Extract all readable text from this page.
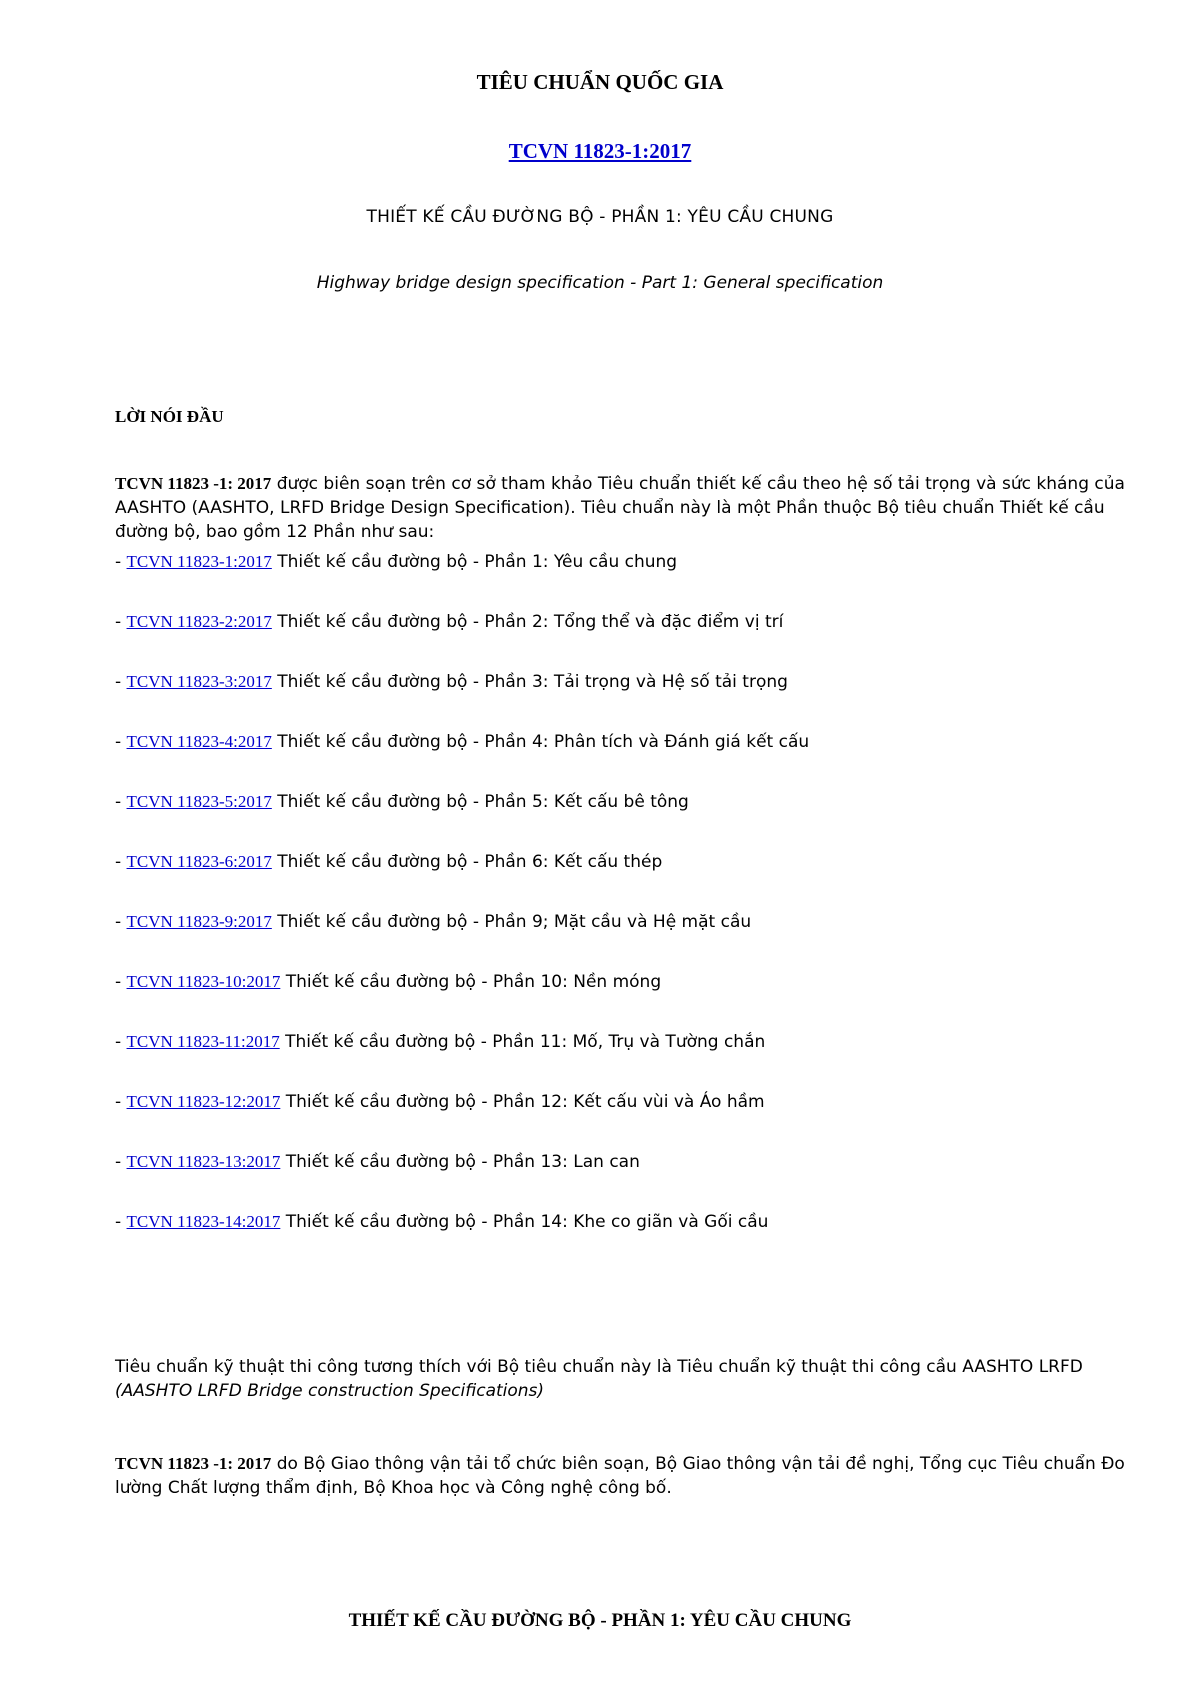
TIÊU CHUẨN QUỐC GIA
TCVN 11823-1:2017
THIẾT KẾ CẦU ĐƯỜNG BỘ - PHẦN 1: YÊU CẦU CHUNG
Highway bridge design specification - Part 1: General specification
LỜI NÓI ĐẦU
TCVN 11823 -1: 2017 được biên soạn trên cơ sở tham khảo Tiêu chuẩn thiết kế cầu theo hệ số tải trọng và sức kháng của AASHTO (AASHTO, LRFD Bridge Design Specification). Tiêu chuẩn này là một Phần thuộc Bộ tiêu chuẩn Thiết kế cầu đường bộ, bao gồm 12 Phần như sau:
- TCVN 11823-1:2017 Thiết kế cầu đường bộ - Phần 1: Yêu cầu chung
- TCVN 11823-2:2017 Thiết kế cầu đường bộ - Phần 2: Tổng thể và đặc điểm vị trí
- TCVN 11823-3:2017 Thiết kế cầu đường bộ - Phần 3: Tải trọng và Hệ số tải trọng
- TCVN 11823-4:2017 Thiết kế cầu đường bộ - Phần 4: Phân tích và Đánh giá kết cấu
- TCVN 11823-5:2017 Thiết kế cầu đường bộ - Phần 5: Kết cấu bê tông
- TCVN 11823-6:2017 Thiết kế cầu đường bộ - Phần 6: Kết cấu thép
- TCVN 11823-9:2017 Thiết kế cầu đường bộ - Phần 9; Mặt cầu và Hệ mặt cầu
- TCVN 11823-10:2017 Thiết kế cầu đường bộ - Phần 10: Nền móng
- TCVN 11823-11:2017 Thiết kế cầu đường bộ - Phần 11: Mố, Trụ và Tường chắn
- TCVN 11823-12:2017 Thiết kế cầu đường bộ - Phần 12: Kết cấu vùi và Áo hầm
- TCVN 11823-13:2017 Thiết kế cầu đường bộ - Phần 13: Lan can
- TCVN 11823-14:2017 Thiết kế cầu đường bộ - Phần 14: Khe co giãn và Gối cầu
Tiêu chuẩn kỹ thuật thi công tương thích với Bộ tiêu chuẩn này là Tiêu chuẩn kỹ thuật thi công cầu AASHTO LRFD (AASHTO LRFD Bridge construction Specifications)
TCVN 11823 -1: 2017 do Bộ Giao thông vận tải tổ chức biên soạn, Bộ Giao thông vận tải đề nghị, Tổng cục Tiêu chuẩn Đo lường Chất lượng thẩm định, Bộ Khoa học và Công nghệ công bố.
THIẾT KẾ CẦU ĐƯỜNG BỘ - PHẦN 1: YÊU CẦU CHUNG
